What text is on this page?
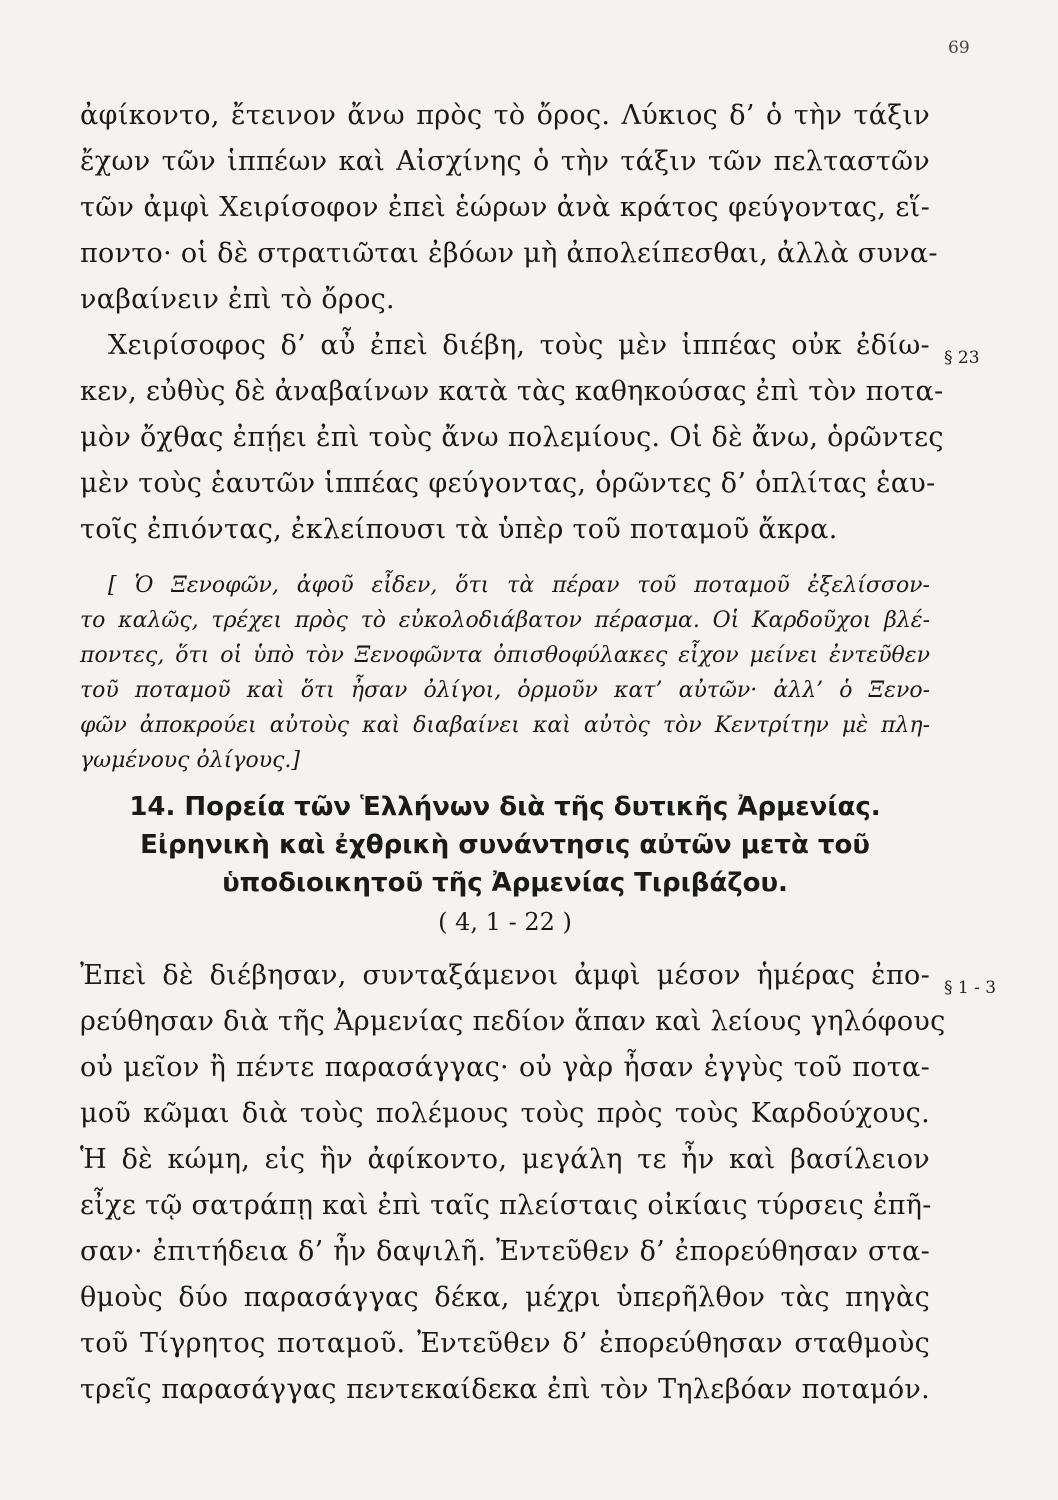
69
ἀφίκοντο, ἔτεινον ἄνω πρὸς τὸ ὄρος. Λύκιος δ’ ὁ τὴν τάξιν
ἔχων τῶν ἱππέων καὶ Αἰσχίνης ὁ τὴν τάξιν τῶν πελταστῶν
τῶν ἀμφὶ Χειρίσοφον ἐπεὶ ἑώρων ἀνὰ κράτος φεύγοντας, εἵ-
ποντο· οἱ δὲ στρατιῶται ἐβόων μὴ ἀπολείπεσθαι, ἀλλὰ συνα-
ναβαίνειν ἐπὶ τὸ ὄρος.
Χειρίσοφος δ’ αὖ ἐπεὶ διέβη, τοὺς μὲν ἱππέας οὐκ ἐδίω-
κεν, εὐθὺς δὲ ἀναβαίνων κατὰ τὰς καθηκούσας ἐπὶ τὸν ποτα-
μὸν ὄχθας ἐπῄει ἐπὶ τοὺς ἄνω πολεμίους. Οἱ δὲ ἄνω, ὁρῶντες
μὲν τοὺς ἑαυτῶν ἱππέας φεύγοντας, ὁρῶντες δ’ ὁπλίτας ἑαυ-
τοῖς ἐπιόντας, ἐκλείπουσι τὰ ὑπὲρ τοῦ ποταμοῦ ἄκρα.
§ 23
[ Ὁ Ξενοφῶν, ἀφοῦ εἶδεν, ὅτι τὰ πέραν τοῦ ποταμοῦ ἐξελίσσον-
το καλῶς, τρέχει πρὸς τὸ εὐκολοδιάβατον πέρασμα. Οἱ Καρδοῦχοι βλέ-
ποντες, ὅτι οἱ ὑπὸ τὸν Ξενοφῶντα ὀπισθοφύλακες εἶχον μείνει ἐντεῦθεν
τοῦ ποταμοῦ καὶ ὅτι ἦσαν ὀλίγοι, ὁρμοῦν κατ’ αὐτῶν· ἀλλ’ ὁ Ξενο-
φῶν ἀποκρούει αὐτοὺς καὶ διαβαίνει καὶ αὐτὸς τὸν Κεντρίτην μὲ πλη-
γωμένους ὀλίγους.]
14. Πορεία τῶν Ἑλλήνων διὰ τῆς δυτικῆς Ἀρμενίας.
Εἰρηνικὴ καὶ ἐχθρικὴ συνάντησις αὐτῶν μετὰ τοῦ
ὑποδιοικητοῦ τῆς Ἀρμενίας Τιριβάζου.
( 4, 1 - 22 )
Ἐπεὶ δὲ διέβησαν, συνταξάμενοι ἀμφὶ μέσον ἡμέρας ἐπο-
ρεύθησαν διὰ τῆς Ἀρμενίας πεδίον ἅπαν καὶ λείους γηλόφους
οὐ μεῖον ἢ πέντε παρασάγγας· οὐ γὰρ ἦσαν ἐγγὺς τοῦ ποτα-
μοῦ κῶμαι διὰ τοὺς πολέμους τοὺς πρὸς τοὺς Καρδούχους.
Ἡ δὲ κώμη, εἰς ἣν ἀφίκοντο, μεγάλη τε ἦν καὶ βασίλειον
εἶχε τῷ σατράπῃ καὶ ἐπὶ ταῖς πλείσταις οἰκίαις τύρσεις ἐπῆ-
σαν· ἐπιτήδεια δ’ ἦν δαψιλῆ. Ἐντεῦθεν δ’ ἐπορεύθησαν στα-
θμοὺς δύο παρασάγγας δέκα, μέχρι ὑπερῆλθον τὰς πηγὰς
τοῦ Τίγρητος ποταμοῦ. Ἐντεῦθεν δ’ ἐπορεύθησαν σταθμοὺς
τρεῖς παρασάγγας πεντεκαίδεκα ἐπὶ τὸν Τηλεβόαν ποταμόν.
§ 1 - 3
